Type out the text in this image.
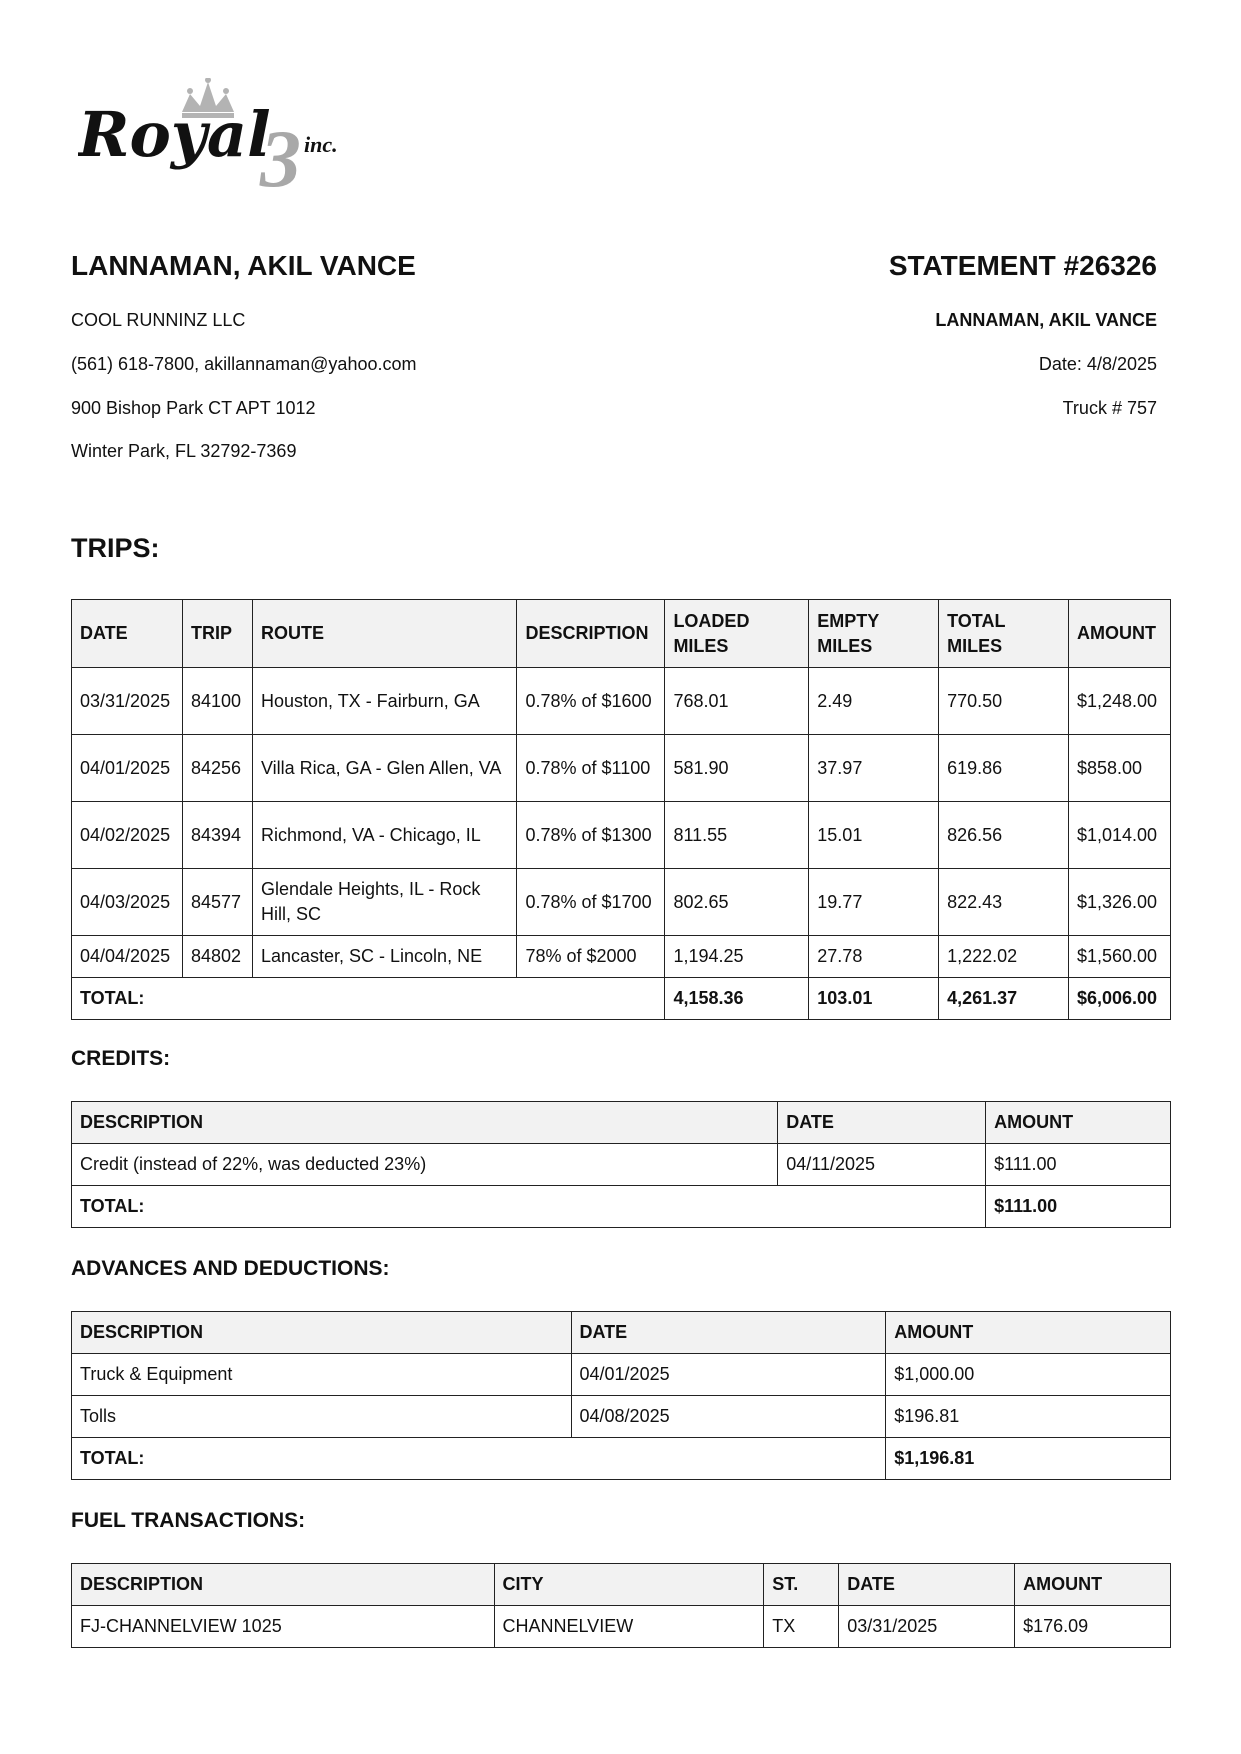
Royal
3 inc.
LANNAMAN, AKIL VANCE
COOL RUNNINZ LLC
(561) 618-7800, akillannaman@yahoo.com
900 Bishop Park CT APT 1012
Winter Park, FL 32792-7369
STATEMENT #26326
LANNAMAN, AKIL VANCE
Date: 4/8/2025
Truck # 757
TRIPS:
DATE	TRIP	ROUTE	DESCRIPTION	LOADED MILES	EMPTY MILES	TOTAL MILES	AMOUNT
03/31/2025	84100	Houston, TX - Fairburn, GA	0.78% of $1600	768.01	2.49	770.50	$1,248.00
04/01/2025	84256	Villa Rica, GA - Glen Allen, VA	0.78% of $1100	581.90	37.97	619.86	$858.00
04/02/2025	84394	Richmond, VA - Chicago, IL	0.78% of $1300	811.55	15.01	826.56	$1,014.00
04/03/2025	84577	Glendale Heights, IL - Rock Hill, SC	0.78% of $1700	802.65	19.77	822.43	$1,326.00
04/04/2025	84802	Lancaster, SC - Lincoln, NE	78% of $2000	1,194.25	27.78	1,222.02	$1,560.00
TOTAL:				4,158.36	103.01	4,261.37	$6,006.00
CREDITS:
DESCRIPTION	DATE	AMOUNT
Credit (instead of 22%, was deducted 23%)	04/11/2025	$111.00
TOTAL:		$111.00
ADVANCES AND DEDUCTIONS:
DESCRIPTION	DATE	AMOUNT
Truck & Equipment	04/01/2025	$1,000.00
Tolls	04/08/2025	$196.81
TOTAL:		$1,196.81
FUEL TRANSACTIONS:
DESCRIPTION	CITY	ST.	DATE	AMOUNT
FJ-CHANNELVIEW 1025	CHANNELVIEW	TX	03/31/2025	$176.09
